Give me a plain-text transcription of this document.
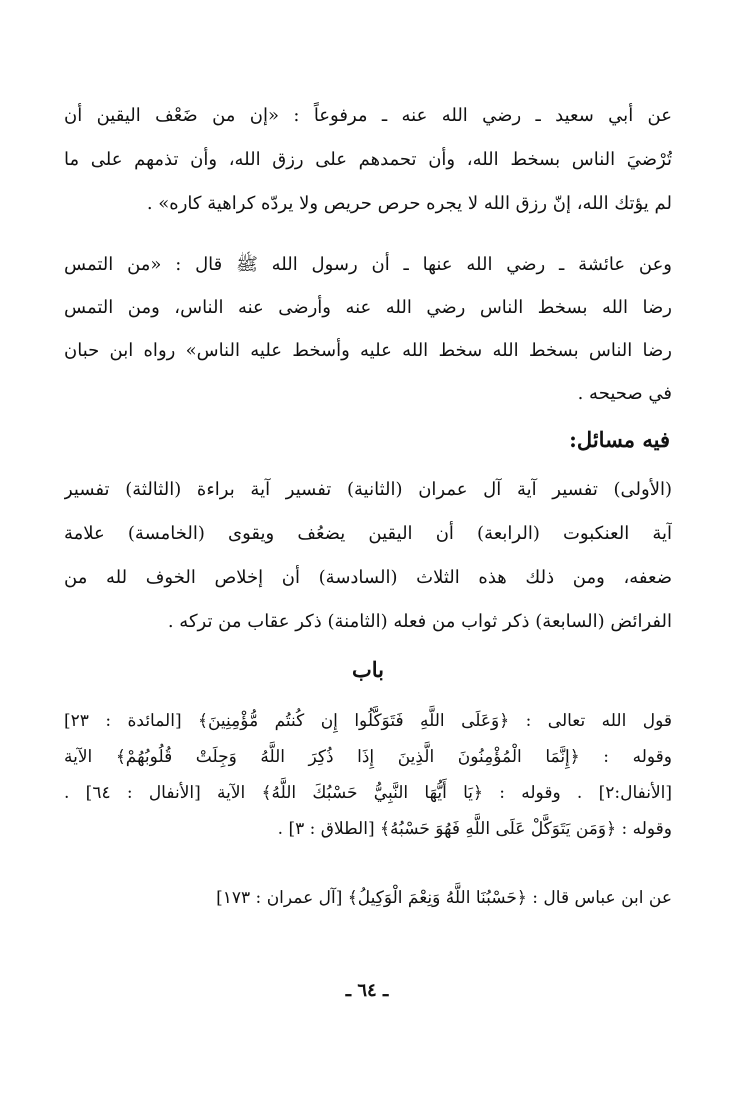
عن أبي سعيد ـ رضي الله عنه ـ مرفوعاً : «إن من ضَعْف اليقين أن

تُرْضيَ الناس بسخط الله، وأن تحمدهم على رزق الله، وأن تذمهم على ما

لم يؤتك الله، إنّ رزق الله لا يجره حرص حريص ولا يردّه كراهية كاره» .

وعن عائشة ـ رضي الله عنها ـ أن رسول الله ﷺ قال : «من التمس

رضا الله بسخط الناس رضي الله عنه وأرضى عنه الناس، ومن التمس

رضا الناس بسخط الله سخط الله عليه وأسخط عليه الناس» رواه ابن حبان

في صحيحه .

فيه مسائل:

(الأولى) تفسير آية آل عمران (الثانية) تفسير آية براءة (الثالثة) تفسير

آية العنكبوت (الرابعة) أن اليقين يضعُف ويقوى (الخامسة) علامة

ضعفه، ومن ذلك هذه الثلاث (السادسة) أن إخلاص الخوف لله من

الفرائض (السابعة) ذكر ثواب من فعله (الثامنة) ذكر عقاب من تركه .

باب

قول الله تعالى : ﴿وَعَلَى اللَّهِ فَتَوَكَّلُوا إِن كُنتُم مُّؤْمِنِينَ﴾ [المائدة : ٢٣]

وقوله : ﴿إِنَّمَا الْمُؤْمِنُونَ الَّذِينَ إِذَا ذُكِرَ اللَّهُ وَجِلَتْ قُلُوبُهُمْ﴾ الآية

[الأنفال:٢] . وقوله : ﴿يَا أَيُّهَا النَّبِيُّ حَسْبُكَ اللَّهُ﴾ الآية [الأنفال : ٦٤] .

وقوله : ﴿وَمَن يَتَوَكَّلْ عَلَى اللَّهِ فَهُوَ حَسْبُهُ﴾ [الطلاق : ٣] .

عن ابن عباس قال : ﴿حَسْبُنَا اللَّهُ وَنِعْمَ الْوَكِيلُ﴾ [آل عمران : ١٧٣]

ـ ٦٤ ـ
